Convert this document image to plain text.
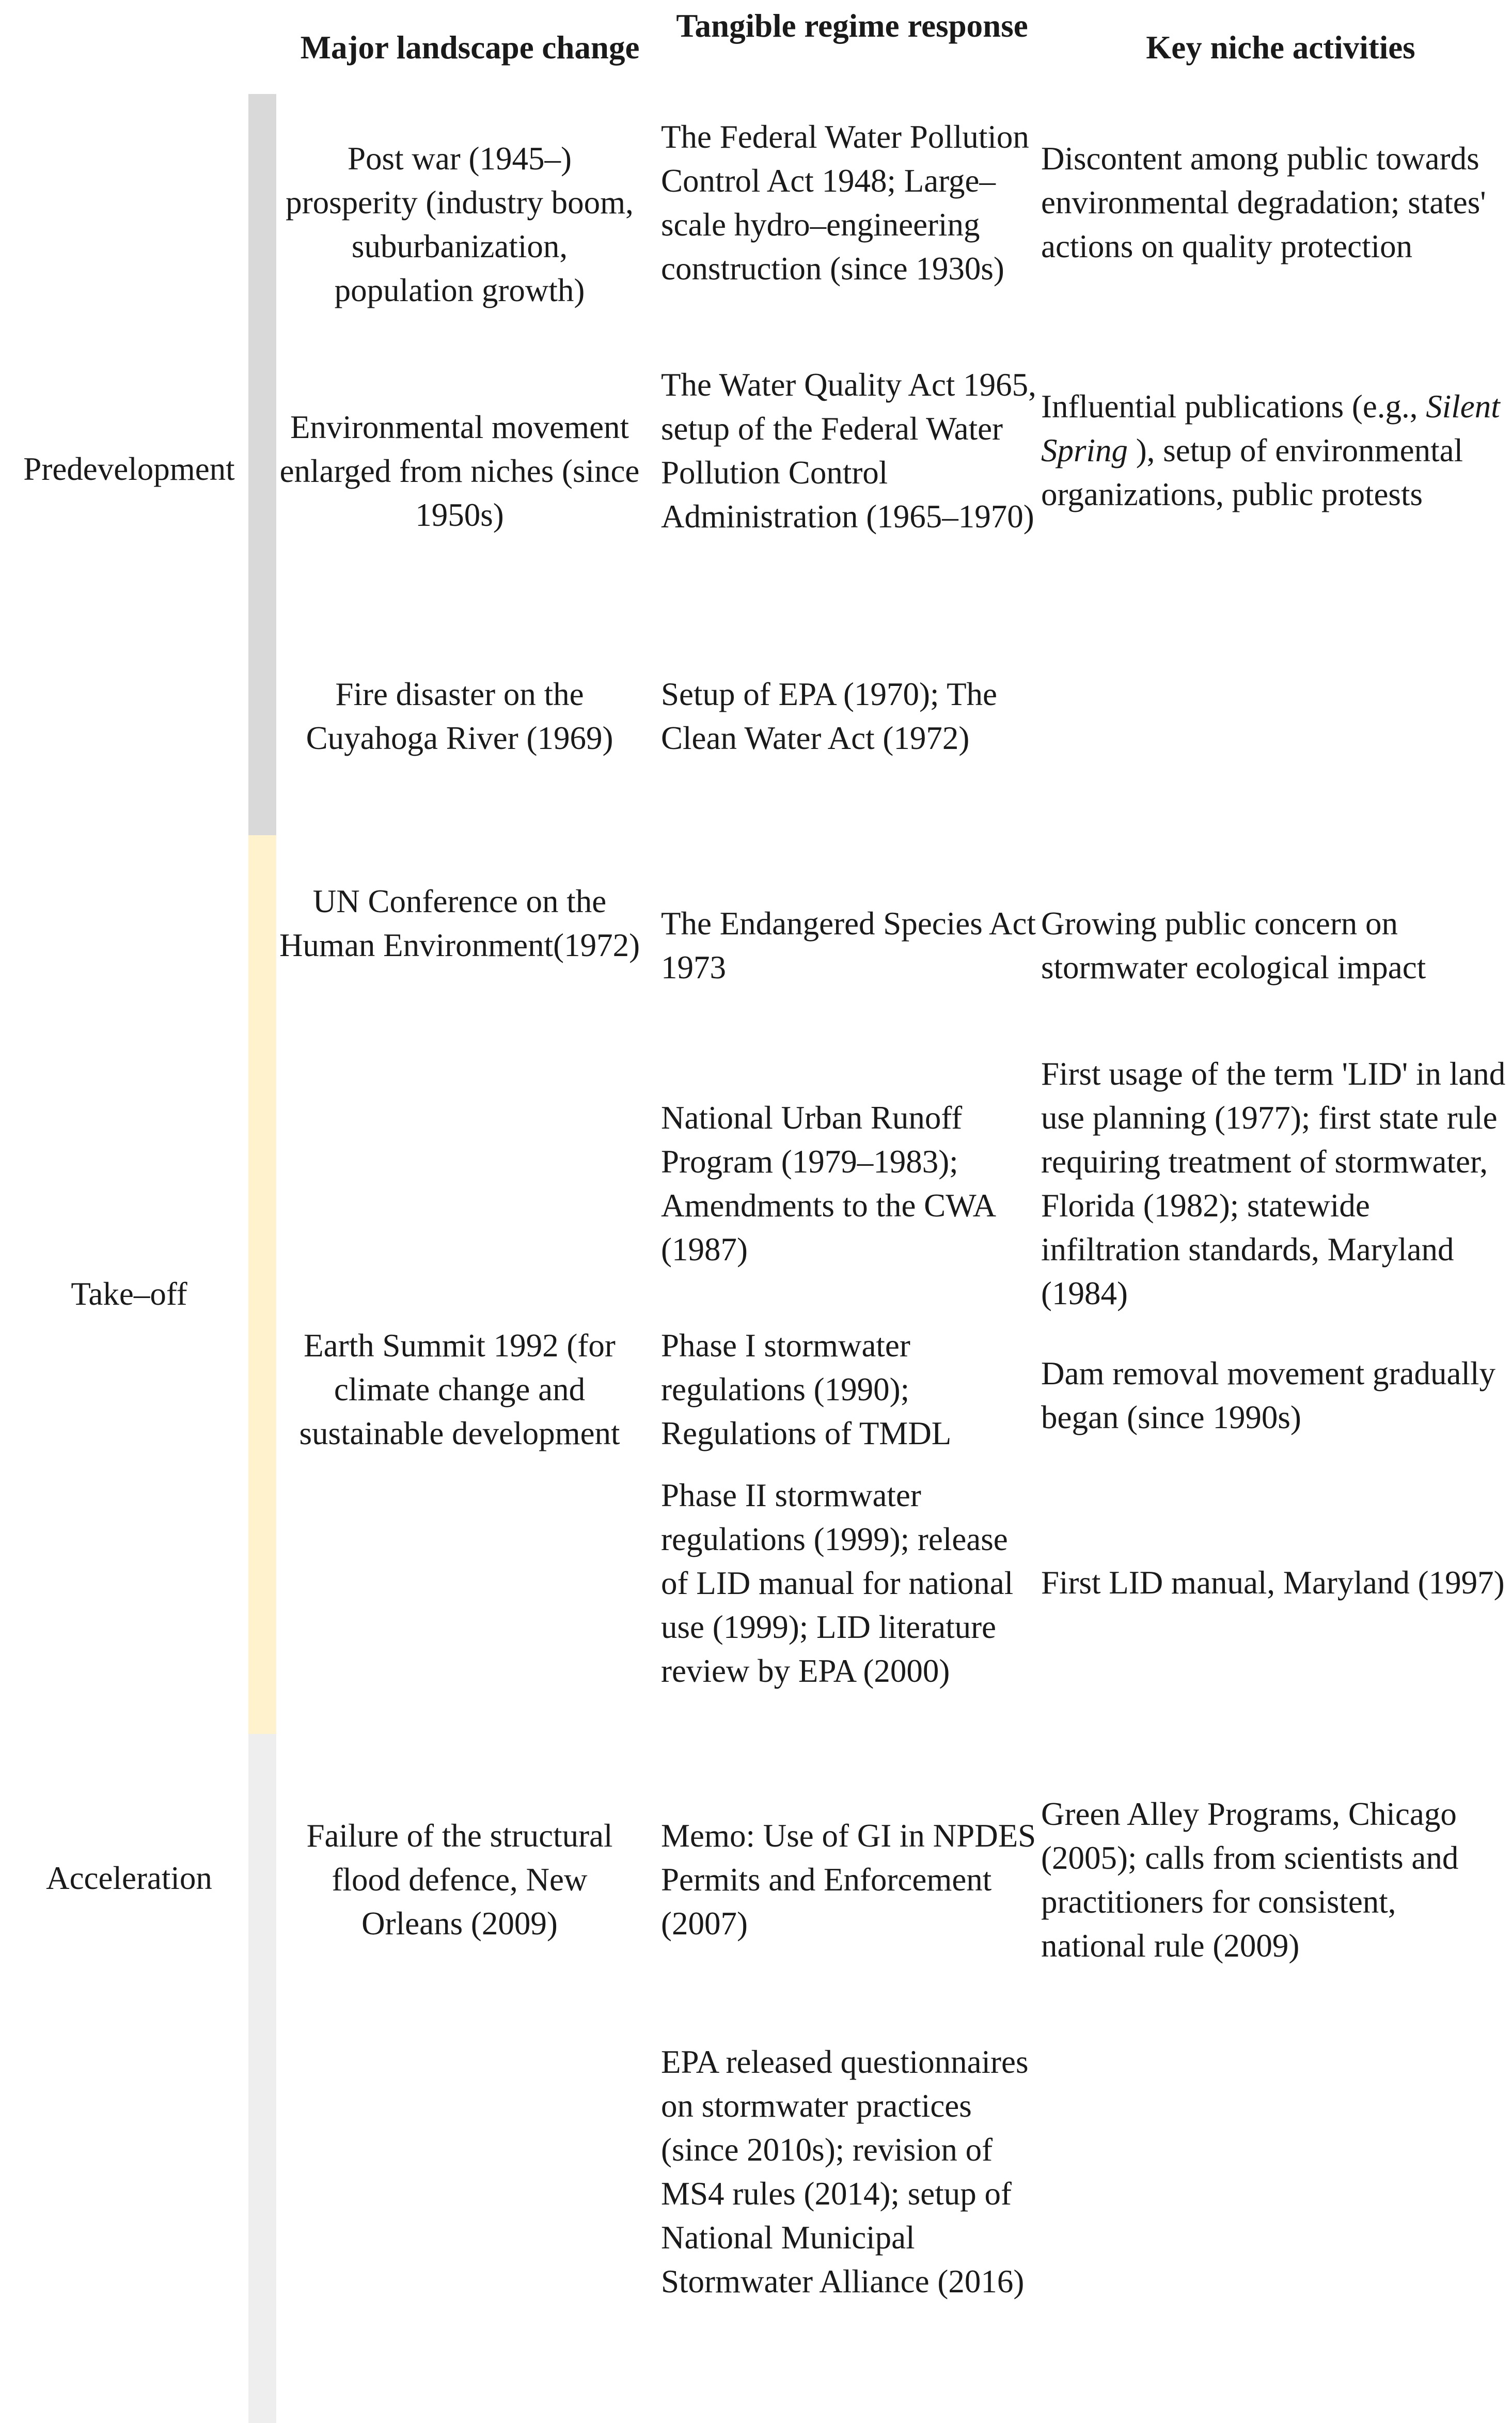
Major landscape change
Tangible regime response
Key niche activities
Predevelopment
Take–off
Acceleration
Post war (1945–) prosperity (industry boom, suburbanization, population growth)
Environmental movement enlarged from niches (since 1950s)
Fire disaster on the Cuyahoga River (1969)
UN Conference on the Human Environment(1972)
Earth Summit 1992 (for climate change and sustainable development
Failure of the structural flood defence, New Orleans (2009)
The Federal Water Pollution Control Act 1948; Large–scale hydro–engineering construction (since 1930s)
The Water Quality Act 1965, setup of the Federal Water Pollution Control Administration (1965–1970)
Setup of EPA (1970); The Clean Water Act (1972)
The Endangered Species Act 1973
National Urban Runoff Program (1979–1983); Amendments to the CWA (1987)
Phase I stormwater regulations (1990); Regulations of TMDL
Phase II stormwater regulations (1999); release of LID manual for national use (1999); LID literature review by EPA (2000)
Memo: Use of GI in NPDES Permits and Enforcement (2007)
EPA released questionnaires on stormwater practices (since 2010s); revision of MS4 rules (2014); setup of National Municipal Stormwater Alliance (2016)
Discontent among public towards environmental degradation; states' actions on quality protection
Influential publications (e.g., Silent Spring ), setup of environmental organizations, public protests
Growing public concern on stormwater ecological impact
First usage of the term 'LID' in land use planning (1977); first state rule requiring treatment of stormwater, Florida (1982); statewide infiltration standards, Maryland (1984)
Dam removal movement gradually began (since 1990s)
First LID manual, Maryland (1997)
Green Alley Programs, Chicago (2005); calls from scientists and practitioners for consistent, national rule (2009)
